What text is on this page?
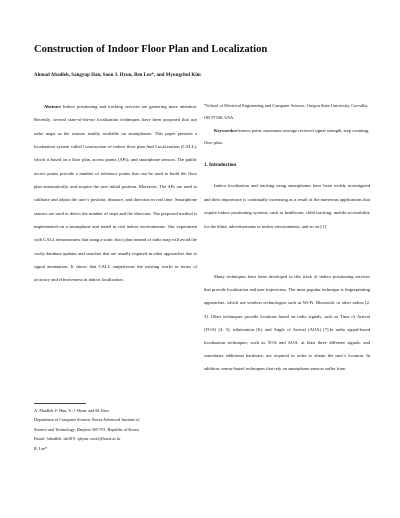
Construction of Indoor Floor Plan and Localization
Ahmad Abadleh, Sangyup Han, Soon J. Hyun, Ben Lee*, and Myungchul Kim

Abstract Indoor positioning and tracking services are garnering more attention. Recently, several state-of-the-art localization techniques have been proposed that use radio maps as the sensors readily available on smartphones. This paper presents a localization system called Construction of indoor floor plan And LocaLization (CALL), which is based on a floor plan, access points (APs), and smartphone sensors. The public access points provide a number of reference points that can be used to build the floor plan automatically, and acquire the user initial position. Moreover, The APs are used to calibrate and adjust the user’s position, distance, and direction in real time. Smartphone sensors are used to detect the number of steps and the direction. The proposed method is implemented on a smartphone and tested in real indoor environments. Our experiment with CALL demonstrates that using a static floor plan instead of radio map will avoid the costly database updates and searches that are usually required in other approaches due to signal attenuation. It shows that CALL outperforms the existing works in terms of accuracy and effectiveness in indoor localization.

*School of Electrical Engineering and Computer Science, Oregon State University, Corvallis, OR 97330, USA.
Keywordsreference point, maximum average received signal strength, step counting, floor plan.
1. Introduction

Indoor localization and tracking using smartphones have been widely investigated and their importance is continually increasing as a result of the numerous applications that require indoor positioning systems, such as healthcare, child tracking, mobile accessibility for the blind, advertisements in indoor environments, and so on [1].

Many techniques have been developed in this track of indoor positioning services that provide localization and user trajectories. The most popular technique is fingerprinting approaches, which use wireless technologies such as Wi-Fi, Bluetooth, or other radios [2, 3]. Other techniques provide locations based on radio signals, such as Time of Arrival (TOA) [4, 5], trilateration [6], and Angle of Arrival (AOA) [7].In radio signal-based localization techniques, such as TOA and AOA, at least three different signals, and sometimes additional hardware, are required in order to obtain the user’s location. In addition, sensor-based techniques that rely on smartphone sensors suffer from

A. Abadleh, F. Han, S.-J. Hyun, and M. Kim
Department of Computer Science, Korea Advanced Institute of
Science and Technology, Daejeon 305-701, Republic of Korea
Email: {abadleh, shs919, sjhyun, mck}@kaist.ac.kr
B. Lee*
